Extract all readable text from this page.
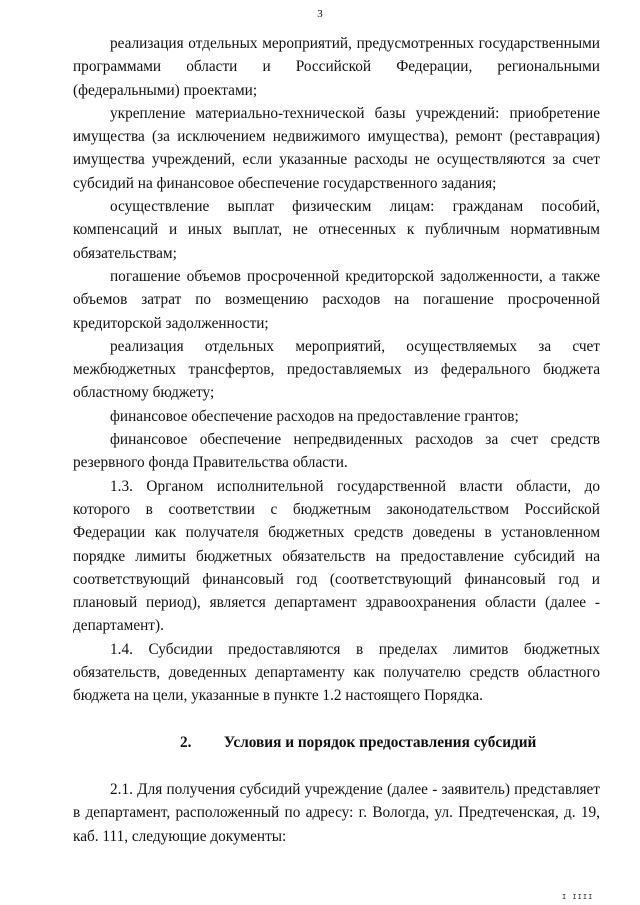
3

реализация отдельных мероприятий, предусмотренных государственными программами области и Российской Федерации, региональными (федеральными) проектами;

укрепление материально-технической базы учреждений: приобретение имущества (за исключением недвижимого имущества), ремонт (реставрация) имущества учреждений, если указанные расходы не осуществляются за счет субсидий на финансовое обеспечение государственного задания;

осуществление выплат физическим лицам: гражданам пособий, компенсаций и иных выплат, не отнесенных к публичным нормативным обязательствам;

погашение объемов просроченной кредиторской задолженности, а также объемов затрат по возмещению расходов на погашение просроченной кредиторской задолженности;

реализация отдельных мероприятий, осуществляемых за счет межбюджетных трансфертов, предоставляемых из федерального бюджета областному бюджету;

финансовое обеспечение расходов на предоставление грантов;

финансовое обеспечение непредвиденных расходов за счет средств резервного фонда Правительства области.

1.3. Органом исполнительной государственной власти области, до которого в соответствии с бюджетным законодательством Российской Федерации как получателя бюджетных средств доведены в установленном порядке лимиты бюджетных обязательств на предоставление субсидий на соответствующий финансовый год (соответствующий финансовый год и плановый период), является департамент здравоохранения области (далее - департамент).

1.4. Субсидии предоставляются в пределах лимитов бюджетных обязательств, доведенных департаменту как получателю средств областного бюджета на цели, указанные в пункте 1.2 настоящего Порядка.

2. Условия и порядок предоставления субсидий

2.1. Для получения субсидий учреждение (далее - заявитель) представляет в департамент, расположенный по адресу: г. Вологда, ул. Предтеченская, д. 19, каб. 111, следующие документы:

I IIII
